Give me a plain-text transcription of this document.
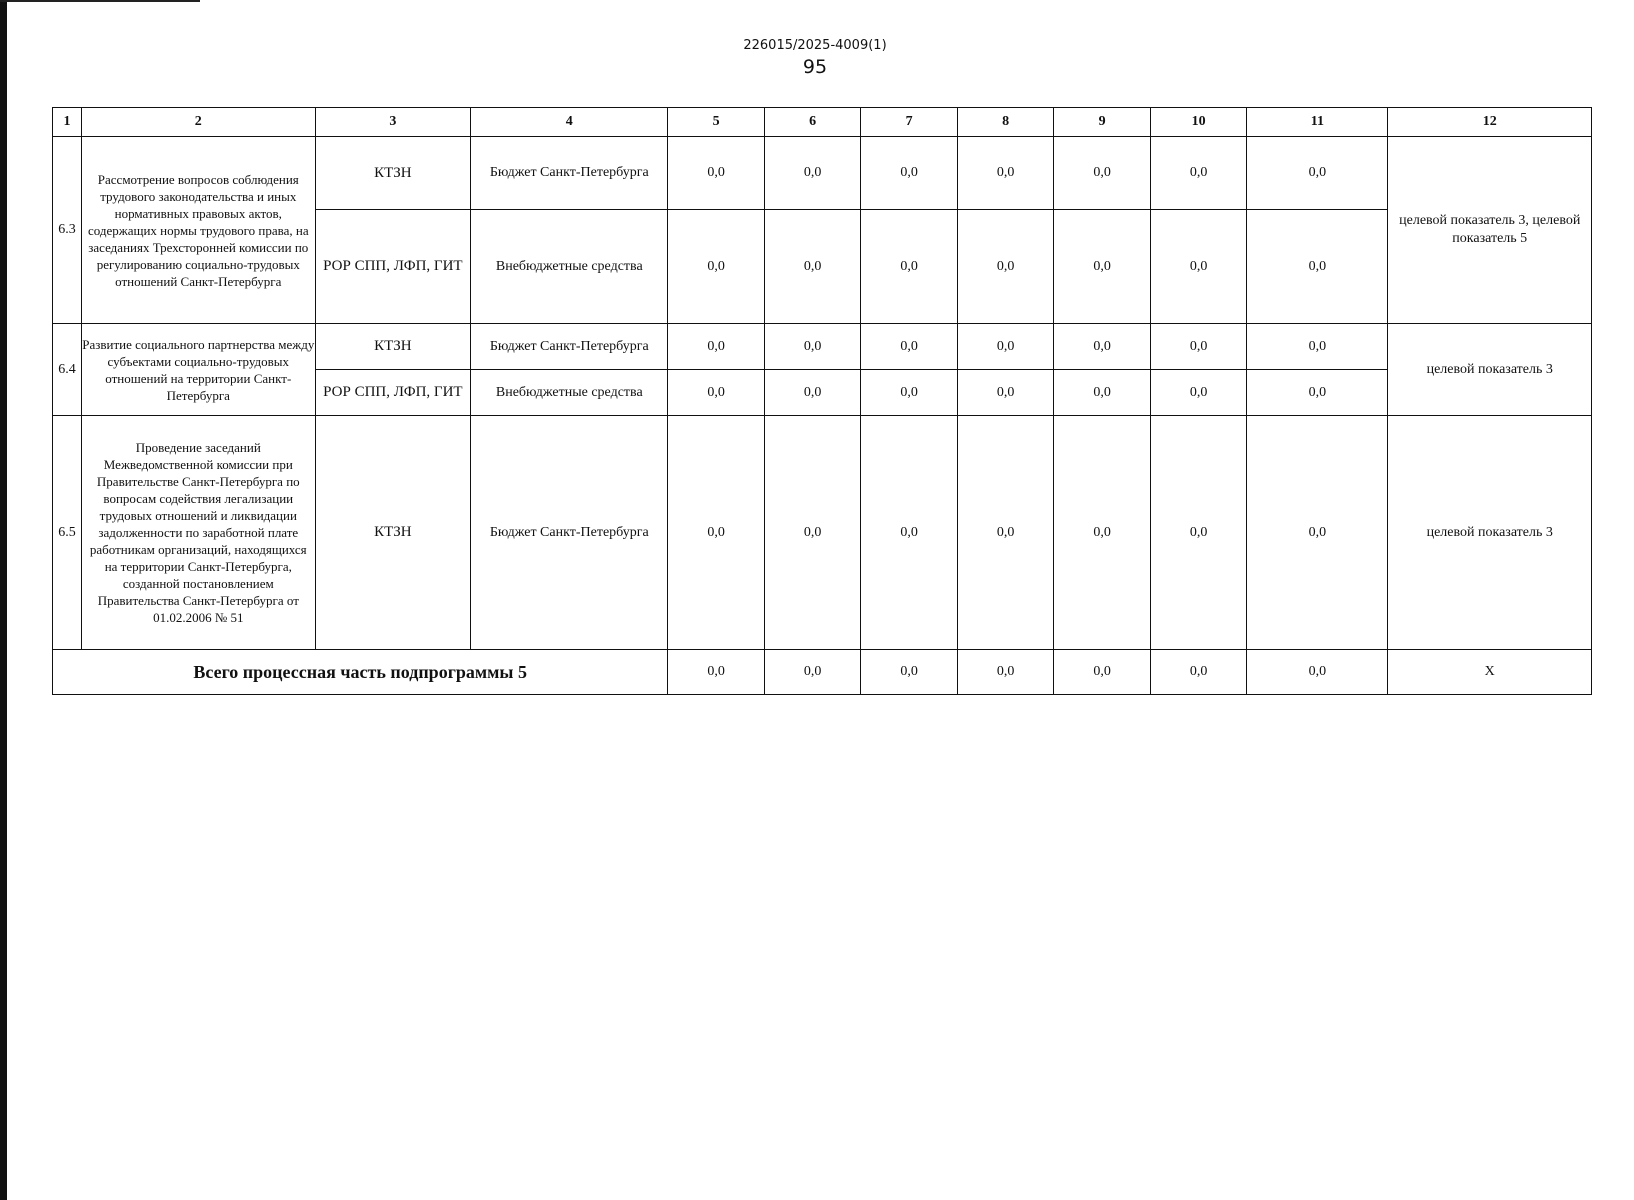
226015/2025-4009(1)
95
1	2	3	4	5	6	7	8	9	10	11	12
6.3	Рассмотрение вопросов соблюдения трудового законодательства и иных нормативных правовых актов, содержащих нормы трудового права, на заседаниях Трехсторонней комиссии по регулированию социально-трудовых отношений Санкт-Петербурга	КТЗН	Бюджет Санкт-Петербурга	0,0	0,0	0,0	0,0	0,0	0,0	0,0	целевой показатель 3, целевой показатель 5
		РОР СПП, ЛФП, ГИТ	Внебюджетные средства	0,0	0,0	0,0	0,0	0,0	0,0	0,0	
6.4	Развитие социального партнерства между субъектами социально-трудовых отношений на территории Санкт-Петербурга	КТЗН	Бюджет Санкт-Петербурга	0,0	0,0	0,0	0,0	0,0	0,0	0,0	целевой показатель 3
		РОР СПП, ЛФП, ГИТ	Внебюджетные средства	0,0	0,0	0,0	0,0	0,0	0,0	0,0	
6.5	Проведение заседаний Межведомственной комиссии при Правительстве Санкт-Петербурга по вопросам содействия легализации трудовых отношений и ликвидации задолженности по заработной плате работникам организаций, находящихся на территории Санкт-Петербурга, созданной постановлением Правительства Санкт-Петербурга от 01.02.2006 № 51	КТЗН	Бюджет Санкт-Петербурга	0,0	0,0	0,0	0,0	0,0	0,0	0,0	целевой показатель 3
Всего процессная часть подпрограммы 5				0,0	0,0	0,0	0,0	0,0	0,0	0,0	Х
